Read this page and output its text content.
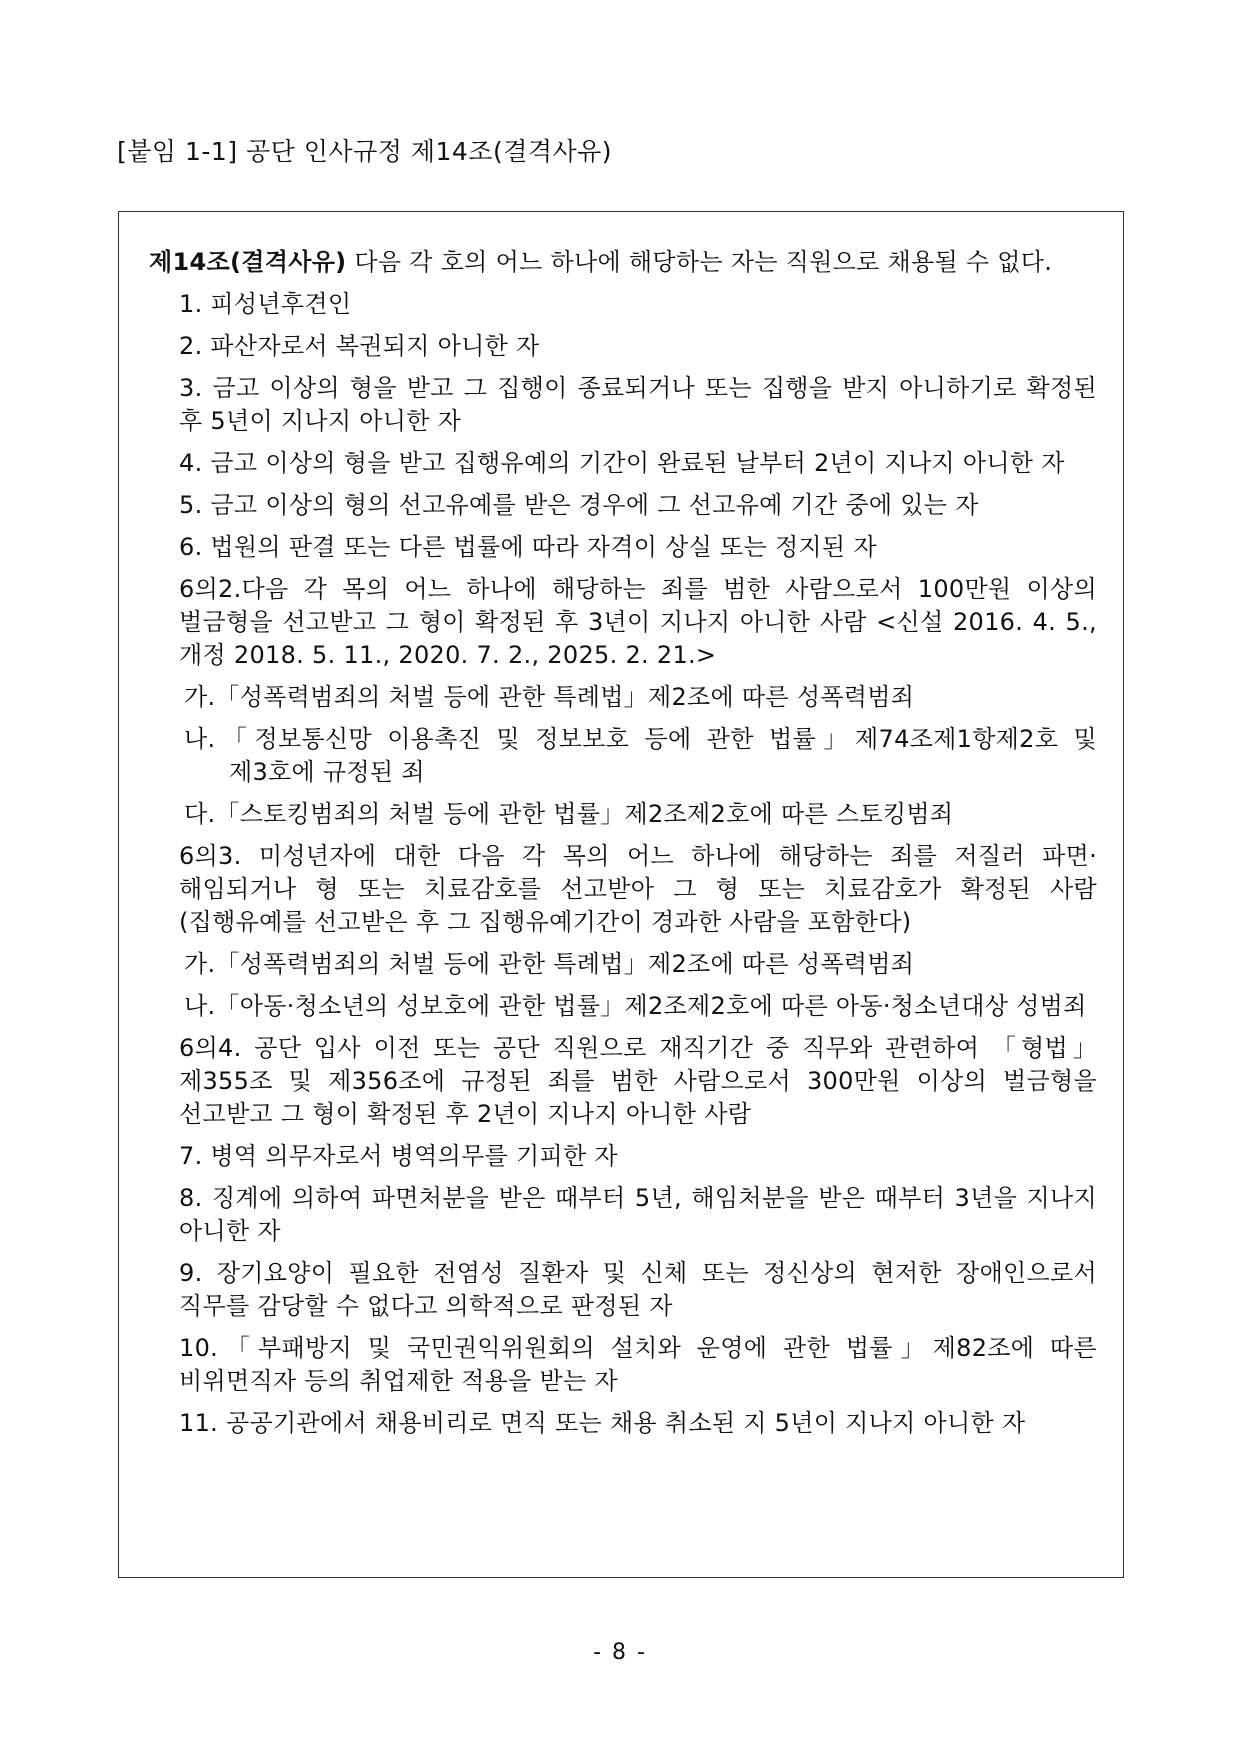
[붙임 1-1] 공단 인사규정 제14조(결격사유)

제14조(결격사유) 다음 각 호의 어느 하나에 해당하는 자는 직원으로 채용될 수 없다.

1. 피성년후견인

2. 파산자로서 복권되지 아니한 자

3. 금고 이상의 형을 받고 그 집행이 종료되거나 또는 집행을 받지 아니하기로 확정된 후 5년이 지나지 아니한 자

4. 금고 이상의 형을 받고 집행유예의 기간이 완료된 날부터 2년이 지나지 아니한 자

5. 금고 이상의 형의 선고유예를 받은 경우에 그 선고유예 기간 중에 있는 자

6. 법원의 판결 또는 다른 법률에 따라 자격이 상실 또는 정지된 자

6의2.다음 각 목의 어느 하나에 해당하는 죄를 범한 사람으로서 100만원 이상의 벌금형을 선고받고 그 형이 확정된 후 3년이 지나지 아니한 사람 <신설 2016. 4. 5., 개정 2018. 5. 11., 2020. 7. 2., 2025. 2. 21.>

가.「성폭력범죄의 처벌 등에 관한 특례법」제2조에 따른 성폭력범죄

나.「정보통신망 이용촉진 및 정보보호 등에 관한 법률」제74조제1항제2호 및 제3호에 규정된 죄

다.「스토킹범죄의 처벌 등에 관한 법률」제2조제2호에 따른 스토킹범죄

6의3. 미성년자에 대한 다음 각 목의 어느 하나에 해당하는 죄를 저질러 파면·해임되거나 형 또는 치료감호를 선고받아 그 형 또는 치료감호가 확정된 사람(집행유예를 선고받은 후 그 집행유예기간이 경과한 사람을 포함한다)

가.「성폭력범죄의 처벌 등에 관한 특례법」제2조에 따른 성폭력범죄

나.「아동·청소년의 성보호에 관한 법률」제2조제2호에 따른 아동·청소년대상 성범죄

6의4. 공단 입사 이전 또는 공단 직원으로 재직기간 중 직무와 관련하여 「형법」제355조 및 제356조에 규정된 죄를 범한 사람으로서 300만원 이상의 벌금형을 선고받고 그 형이 확정된 후 2년이 지나지 아니한 사람

7. 병역 의무자로서 병역의무를 기피한 자

8. 징계에 의하여 파면처분을 받은 때부터 5년, 해임처분을 받은 때부터 3년을 지나지 아니한 자

9. 장기요양이 필요한 전염성 질환자 및 신체 또는 정신상의 현저한 장애인으로서 직무를 감당할 수 없다고 의학적으로 판정된 자

10.「부패방지 및 국민권익위원회의 설치와 운영에 관한 법률」제82조에 따른 비위면직자 등의 취업제한 적용을 받는 자

11. 공공기관에서 채용비리로 면직 또는 채용 취소된 지 5년이 지나지 아니한 자

- 8 -
